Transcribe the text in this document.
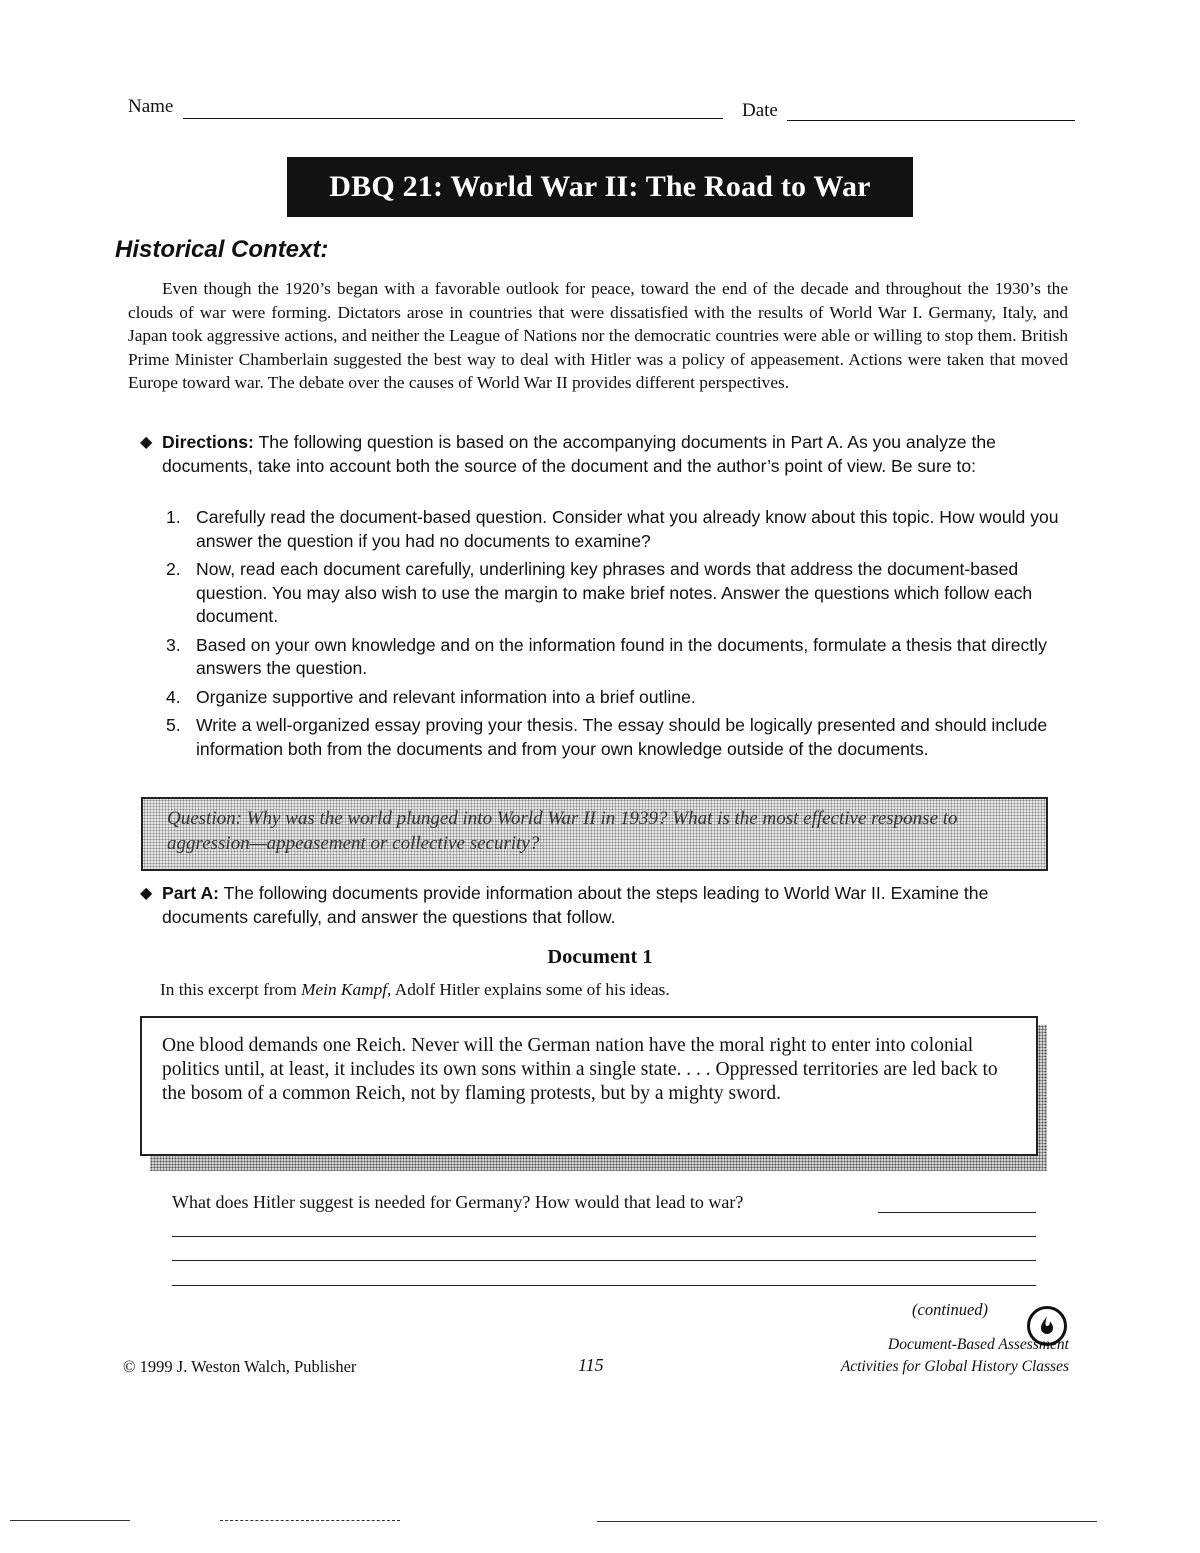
Name	Date
DBQ 21: World War II: The Road to War
Historical Context:
Even though the 1920’s began with a favorable outlook for peace, toward the end of the decade and throughout the 1930’s the clouds of war were forming. Dictators arose in countries that were dissatisfied with the results of World War I. Germany, Italy, and Japan took aggressive actions, and neither the League of Nations nor the democratic countries were able or willing to stop them. British Prime Minister Chamberlain suggested the best way to deal with Hitler was a policy of appeasement. Actions were taken that moved Europe toward war. The debate over the causes of World War II provides different perspectives.
◆ Directions: The following question is based on the accompanying documents in Part A. As you analyze the documents, take into account both the source of the document and the author’s point of view. Be sure to:
1. Carefully read the document-based question. Consider what you already know about this topic. How would you answer the question if you had no documents to examine?
2. Now, read each document carefully, underlining key phrases and words that address the document-based question. You may also wish to use the margin to make brief notes. Answer the questions which follow each document.
3. Based on your own knowledge and on the information found in the documents, formulate a thesis that directly answers the question.
4. Organize supportive and relevant information into a brief outline.
5. Write a well-organized essay proving your thesis. The essay should be logically presented and should include information both from the documents and from your own knowledge outside of the documents.
Question: Why was the world plunged into World War II in 1939? What is the most effective response to aggression—appeasement or collective security?
◆ Part A: The following documents provide information about the steps leading to World War II. Examine the documents carefully, and answer the questions that follow.
Document 1
In this excerpt from Mein Kampf, Adolf Hitler explains some of his ideas.
One blood demands one Reich. Never will the German nation have the moral right to enter into colonial politics until, at least, it includes its own sons within a single state. . . . Oppressed territories are led back to the bosom of a common Reich, not by flaming protests, but by a mighty sword.
What does Hitler suggest is needed for Germany? How would that lead to war?
(continued)
Document-Based Assessment
Activities for Global History Classes
© 1999 J. Weston Walch, Publisher	115
